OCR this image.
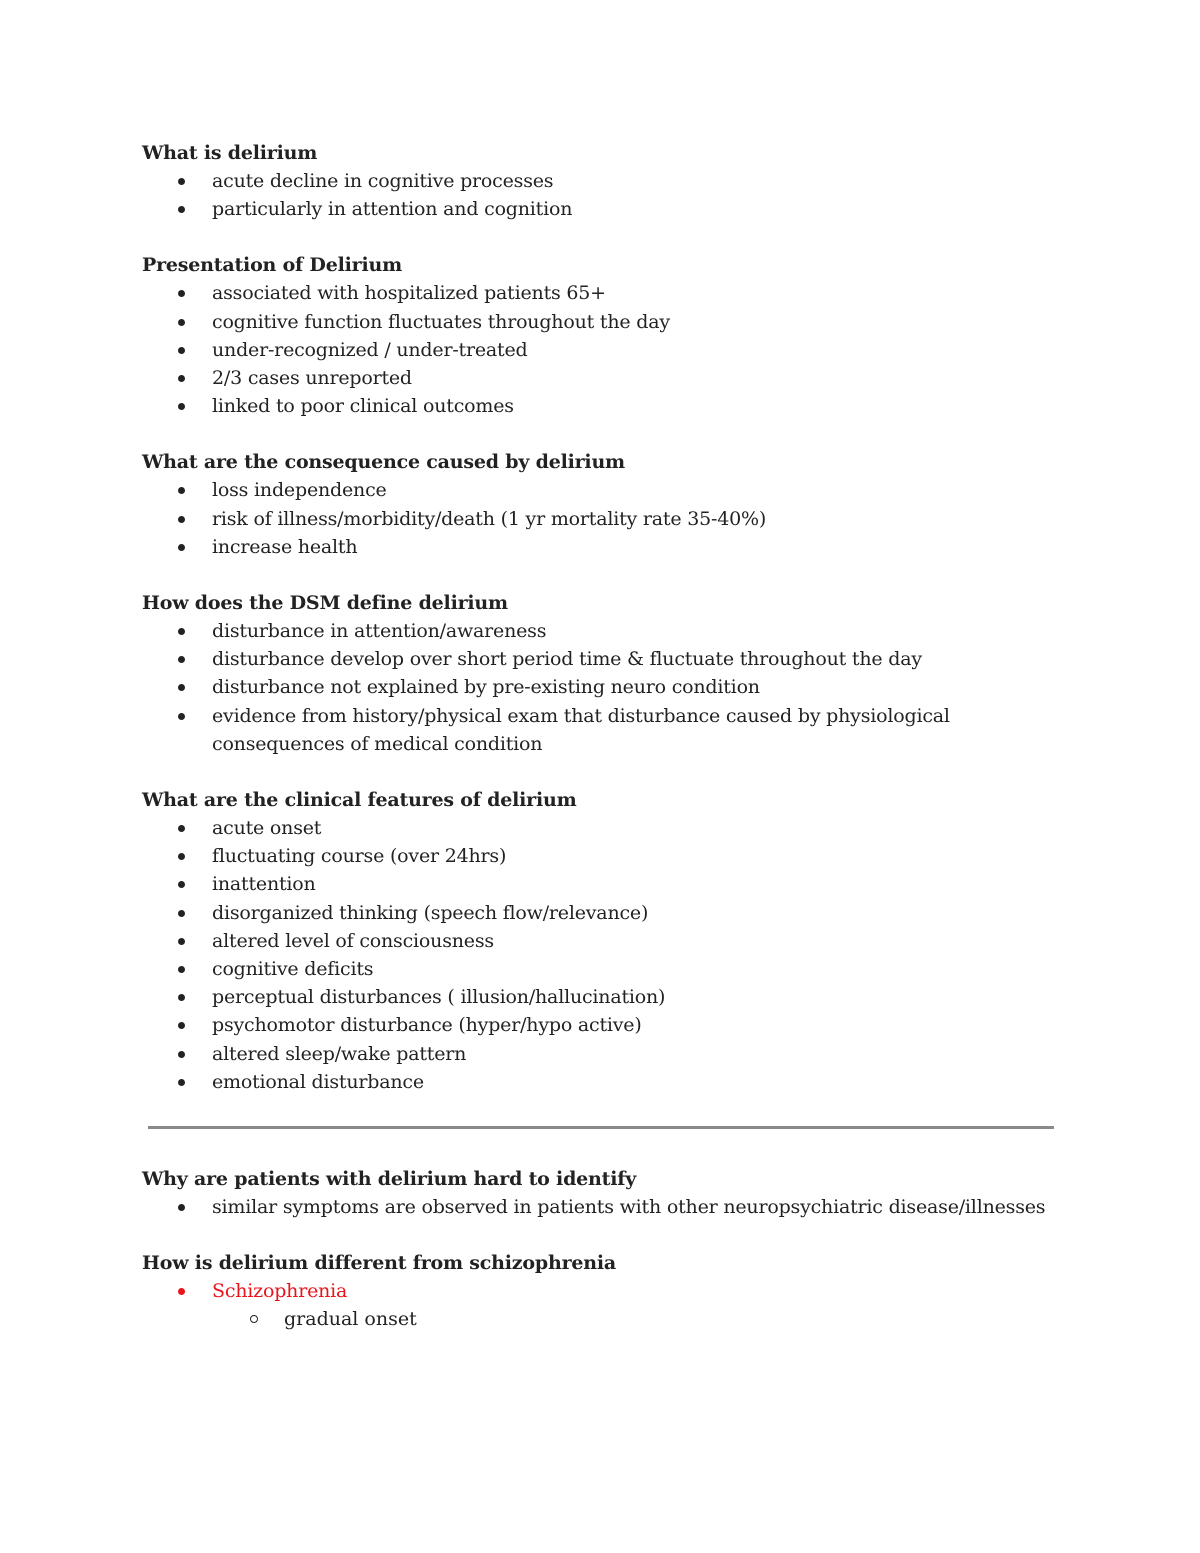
What is delirium
acute decline in cognitive processes
particularly in attention and cognition
Presentation of Delirium
associated with hospitalized patients 65+
cognitive function fluctuates throughout the day
under-recognized / under-treated
2/3 cases unreported
linked to poor clinical outcomes
What are the consequence caused by delirium
loss independence
risk of illness/morbidity/death (1 yr mortality rate 35-40%)
increase health
How does the DSM define delirium
disturbance in attention/awareness
disturbance develop over short period time & fluctuate throughout the day
disturbance not explained by pre-existing neuro condition
evidence from history/physical exam that disturbance caused by physiological consequences of medical condition
What are the clinical features of delirium
acute onset
fluctuating course (over 24hrs)
inattention
disorganized thinking (speech flow/relevance)
altered level of consciousness
cognitive deficits
perceptual disturbances ( illusion/hallucination)
psychomotor disturbance (hyper/hypo active)
altered sleep/wake pattern
emotional disturbance
Why are patients with delirium hard to identify
similar symptoms are observed in patients with other neuropsychiatric disease/illnesses
How is delirium different from schizophrenia
Schizophrenia
gradual onset
